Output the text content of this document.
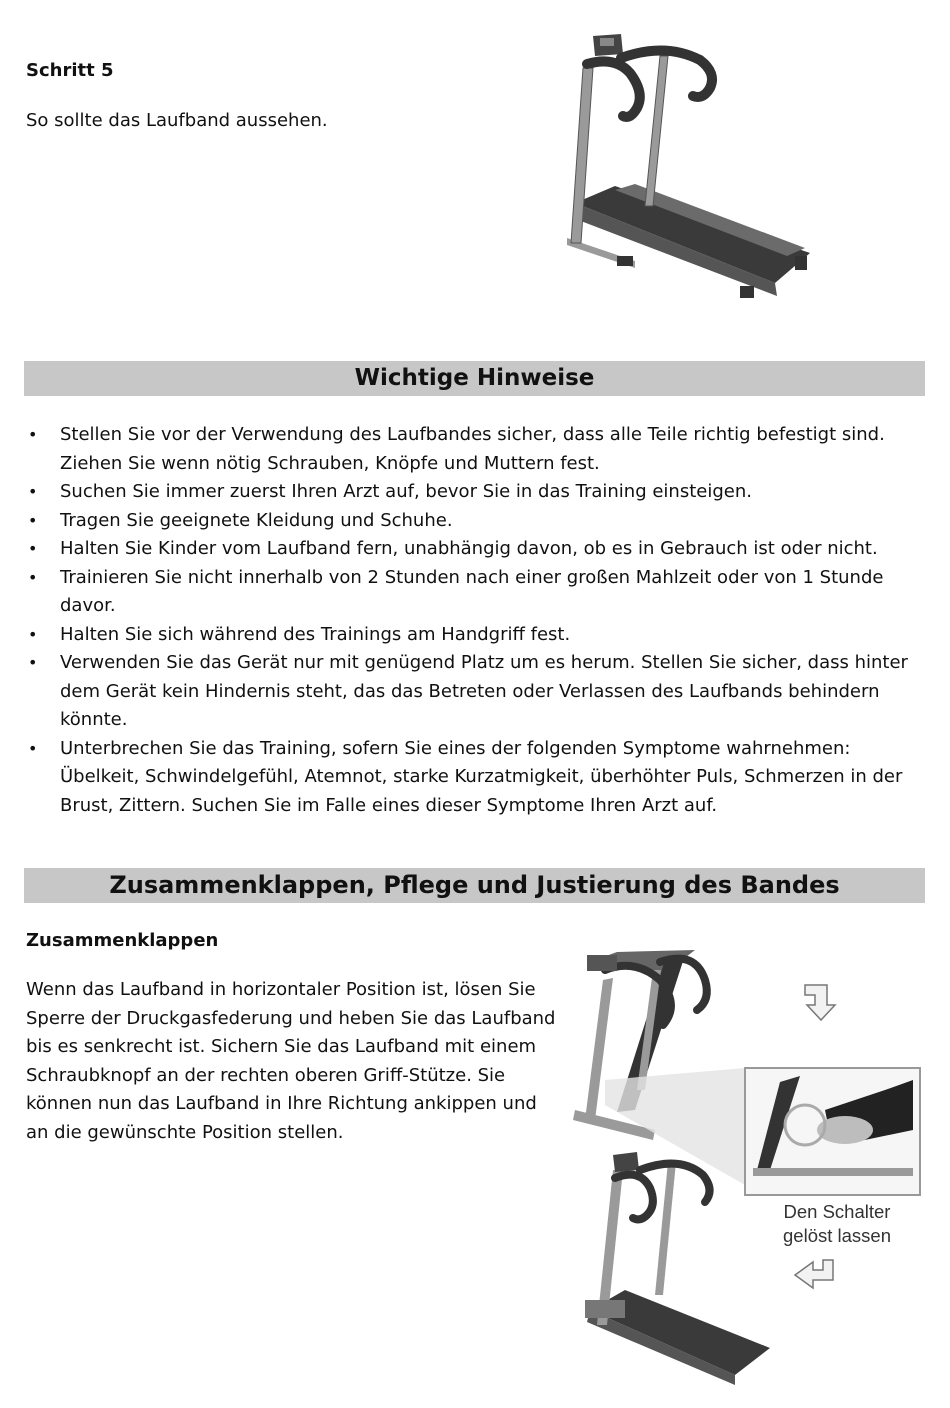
Schritt 5
So sollte das Laufband aussehen.
Wichtige Hinweise
• Stellen Sie vor der Verwendung des Laufbandes sicher, dass alle Teile richtig befestigt sind. Ziehen Sie wenn nötig Schrauben, Knöpfe und Muttern fest.
• Suchen Sie immer zuerst Ihren Arzt auf, bevor Sie in das Training einsteigen.
• Tragen Sie geeignete Kleidung und Schuhe.
• Halten Sie Kinder vom Laufband fern, unabhängig davon, ob es in Gebrauch ist oder nicht.
• Trainieren Sie nicht innerhalb von 2 Stunden nach einer großen Mahlzeit oder von 1 Stunde davor.
• Halten Sie sich während des Trainings am Handgriff fest.
• Verwenden Sie das Gerät nur mit genügend Platz um es herum. Stellen Sie sicher, dass hinter dem Gerät kein Hindernis steht, das das Betreten oder Verlassen des Laufbands behindern könnte.
• Unterbrechen Sie das Training, sofern Sie eines der folgenden Symptome wahrnehmen: Übelkeit, Schwindelgefühl, Atemnot, starke Kurzatmigkeit, überhöhter Puls, Schmerzen in der Brust, Zittern. Suchen Sie im Falle eines dieser Symptome Ihren Arzt auf.
Zusammenklappen, Pflege und Justierung des Bandes
Zusammenklappen
Wenn das Laufband in horizontaler Position ist, lösen Sie Sperre der Druckgasfederung und heben Sie das Laufband bis es senkrecht ist. Sichern Sie das Laufband mit einem Schraubknopf an der rechten oberen Griff-Stütze. Sie können nun das Laufband in Ihre Richtung ankippen und an die gewünschte Position stellen.
Den Schalter
gelöst lassen
